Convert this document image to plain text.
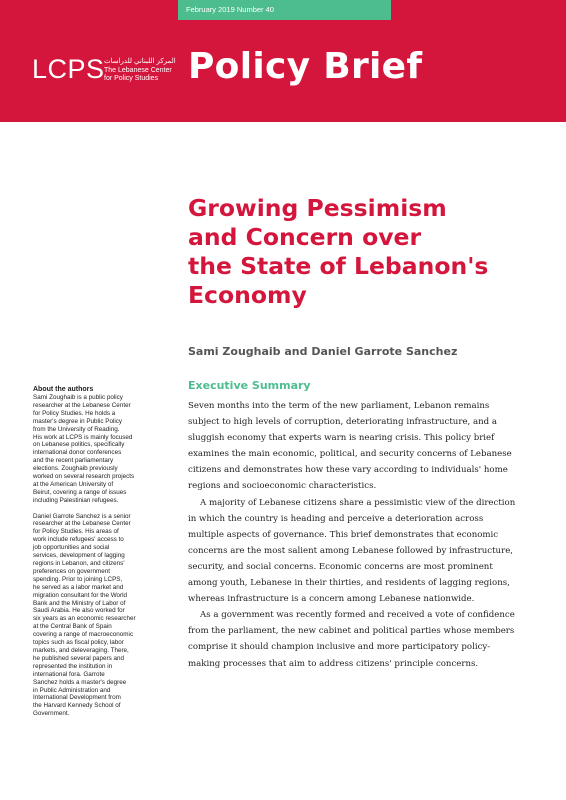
February 2019 Number 40
LCPS المركز اللبناني للدراسات
The Lebanese Center
for Policy Studies Policy Brief
Growing Pessimism
and Concern over
the State of Lebanon's
Economy
Sami Zoughaib and Daniel Garrote Sanchez
Executive Summary
Seven months into the term of the new parliament, Lebanon remains
subject to high levels of corruption, deteriorating infrastructure, and a
sluggish economy that experts warn is nearing crisis. This policy brief
examines the main economic, political, and security concerns of Lebanese
citizens and demonstrates how these vary according to individuals' home
regions and socioeconomic characteristics.
A majority of Lebanese citizens share a pessimistic view of the direction
in which the country is heading and perceive a deterioration across
multiple aspects of governance. This brief demonstrates that economic
concerns are the most salient among Lebanese followed by infrastructure,
security, and social concerns. Economic concerns are most prominent
among youth, Lebanese in their thirties, and residents of lagging regions,
whereas infrastructure is a concern among Lebanese nationwide.
As a government was recently formed and received a vote of confidence
from the parliament, the new cabinet and political parties whose members
comprise it should champion inclusive and more participatory policy-
making processes that aim to address citizens' principle concerns.
About the authors
Sami Zoughaib is a public policy
researcher at the Lebanese Center
for Policy Studies. He holds a
master's degree in Public Policy
from the University of Reading.
His work at LCPS is mainly focused
on Lebanese politics, specifically
international donor conferences
and the recent parliamentary
elections. Zoughaib previously
worked on several research projects
at the American University of
Beirut, covering a range of issues
including Palestinian refugees.
Daniel Garrote Sanchez is a senior
researcher at the Lebanese Center
for Policy Studies. His areas of
work include refugees' access to
job opportunities and social
services, development of lagging
regions in Lebanon, and citizens'
preferences on government
spending. Prior to joining LCPS,
he served as a labor market and
migration consultant for the World
Bank and the Ministry of Labor of
Saudi Arabia. He also worked for
six years as an economic researcher
at the Central Bank of Spain
covering a range of macroeconomic
topics such as fiscal policy, labor
markets, and deleveraging. There,
he published several papers and
represented the institution in
international fora. Garrote
Sanchez holds a master's degree
in Public Administration and
International Development from
the Harvard Kennedy School of
Government.
